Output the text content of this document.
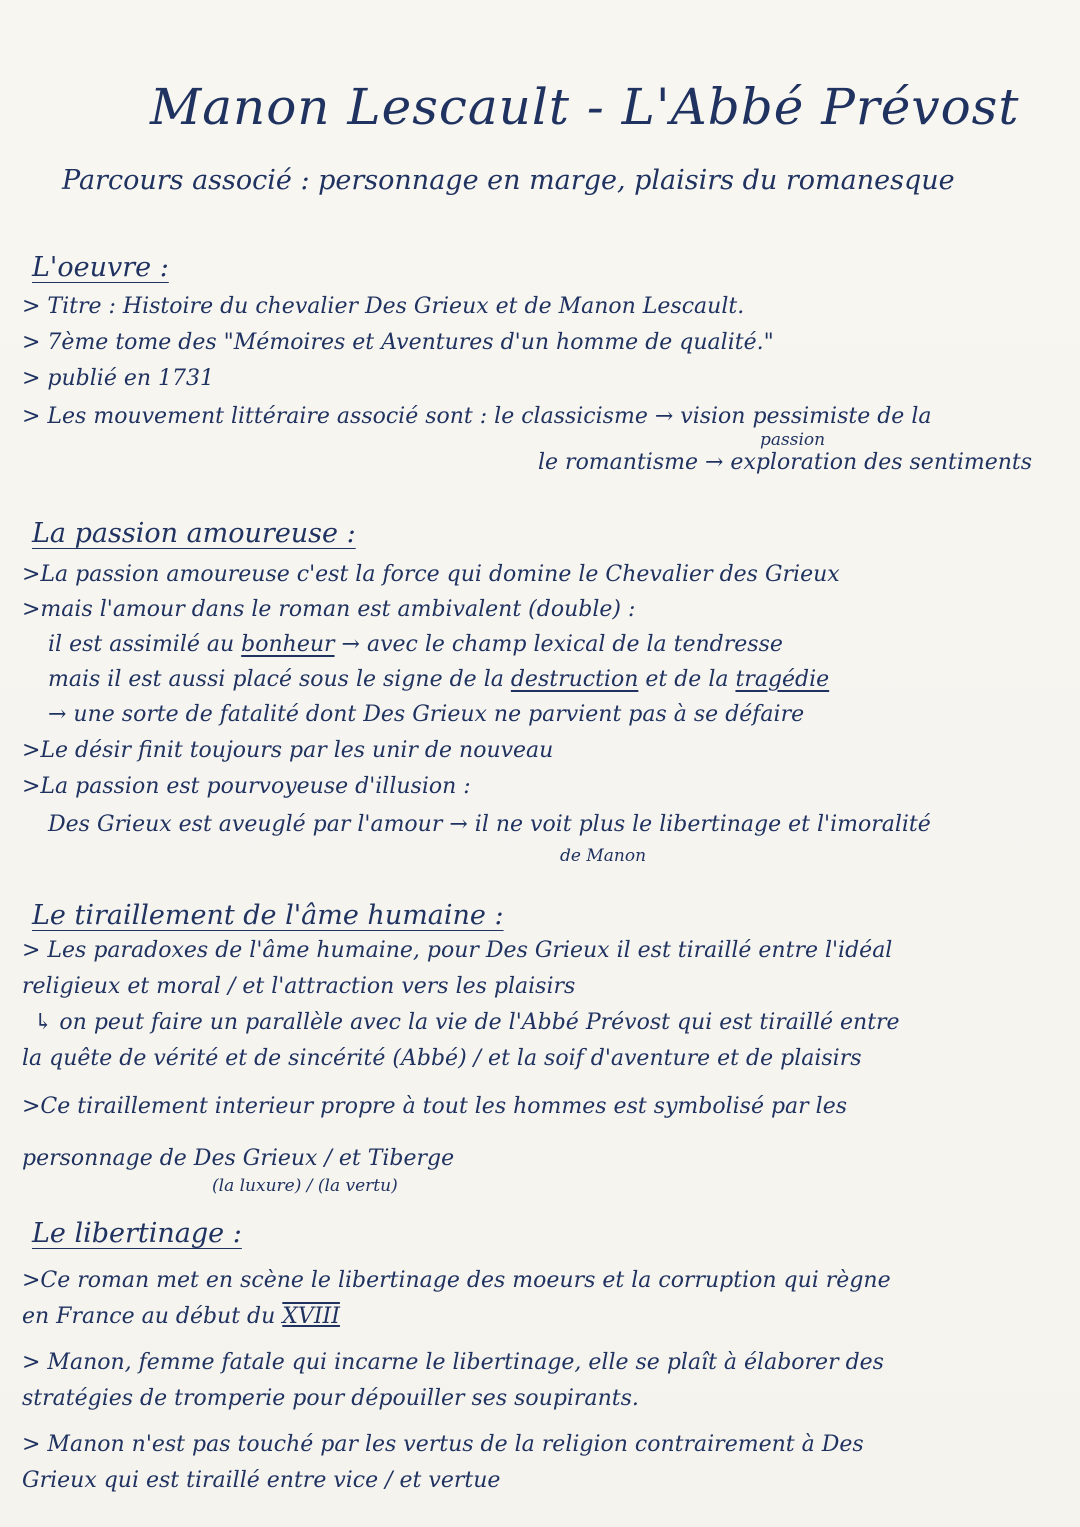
Manon Lescault - L'Abbé Prévost
Parcours associé : personnage en marge, plaisirs du romanesque
L'oeuvre :
> Titre : Histoire du chevalier Des Grieux et de Manon Lescault.
> 7ème tome des "Mémoires et Aventures d'un homme de qualité."
> publié en 1731
> Les mouvement littéraire associé sont : le classicisme → vision pessimiste de la
passion
le romantisme → exploration des sentiments
La passion amoureuse :
>La passion amoureuse c'est la force qui domine le Chevalier des Grieux
>mais l'amour dans le roman est ambivalent (double) :
il est assimilé au bonheur → avec le champ lexical de la tendresse
mais il est aussi placé sous le signe de la destruction et de la tragédie
→ une sorte de fatalité dont Des Grieux ne parvient pas à se défaire
>Le désir finit toujours par les unir de nouveau
>La passion est pourvoyeuse d'illusion :
Des Grieux est aveuglé par l'amour → il ne voit plus le libertinage et l'imoralité
de Manon
Le tiraillement de l'âme humaine :
> Les paradoxes de l'âme humaine, pour Des Grieux il est tiraillé entre l'idéal
religieux et moral / et l'attraction vers les plaisirs
↳ on peut faire un parallèle avec la vie de l'Abbé Prévost qui est tiraillé entre
la quête de vérité et de sincérité (Abbé) / et la soif d'aventure et de plaisirs
>Ce tiraillement interieur propre à tout les hommes est symbolisé par les
personnage de Des Grieux / et Tiberge
(la luxure) / (la vertu)
Le libertinage :
>Ce roman met en scène le libertinage des moeurs et la corruption qui règne
en France au début du XVIII
> Manon, femme fatale qui incarne le libertinage, elle se plaît à élaborer des
stratégies de tromperie pour dépouiller ses soupirants.
> Manon n'est pas touché par les vertus de la religion contrairement à Des
Grieux qui est tiraillé entre vice / et vertue
